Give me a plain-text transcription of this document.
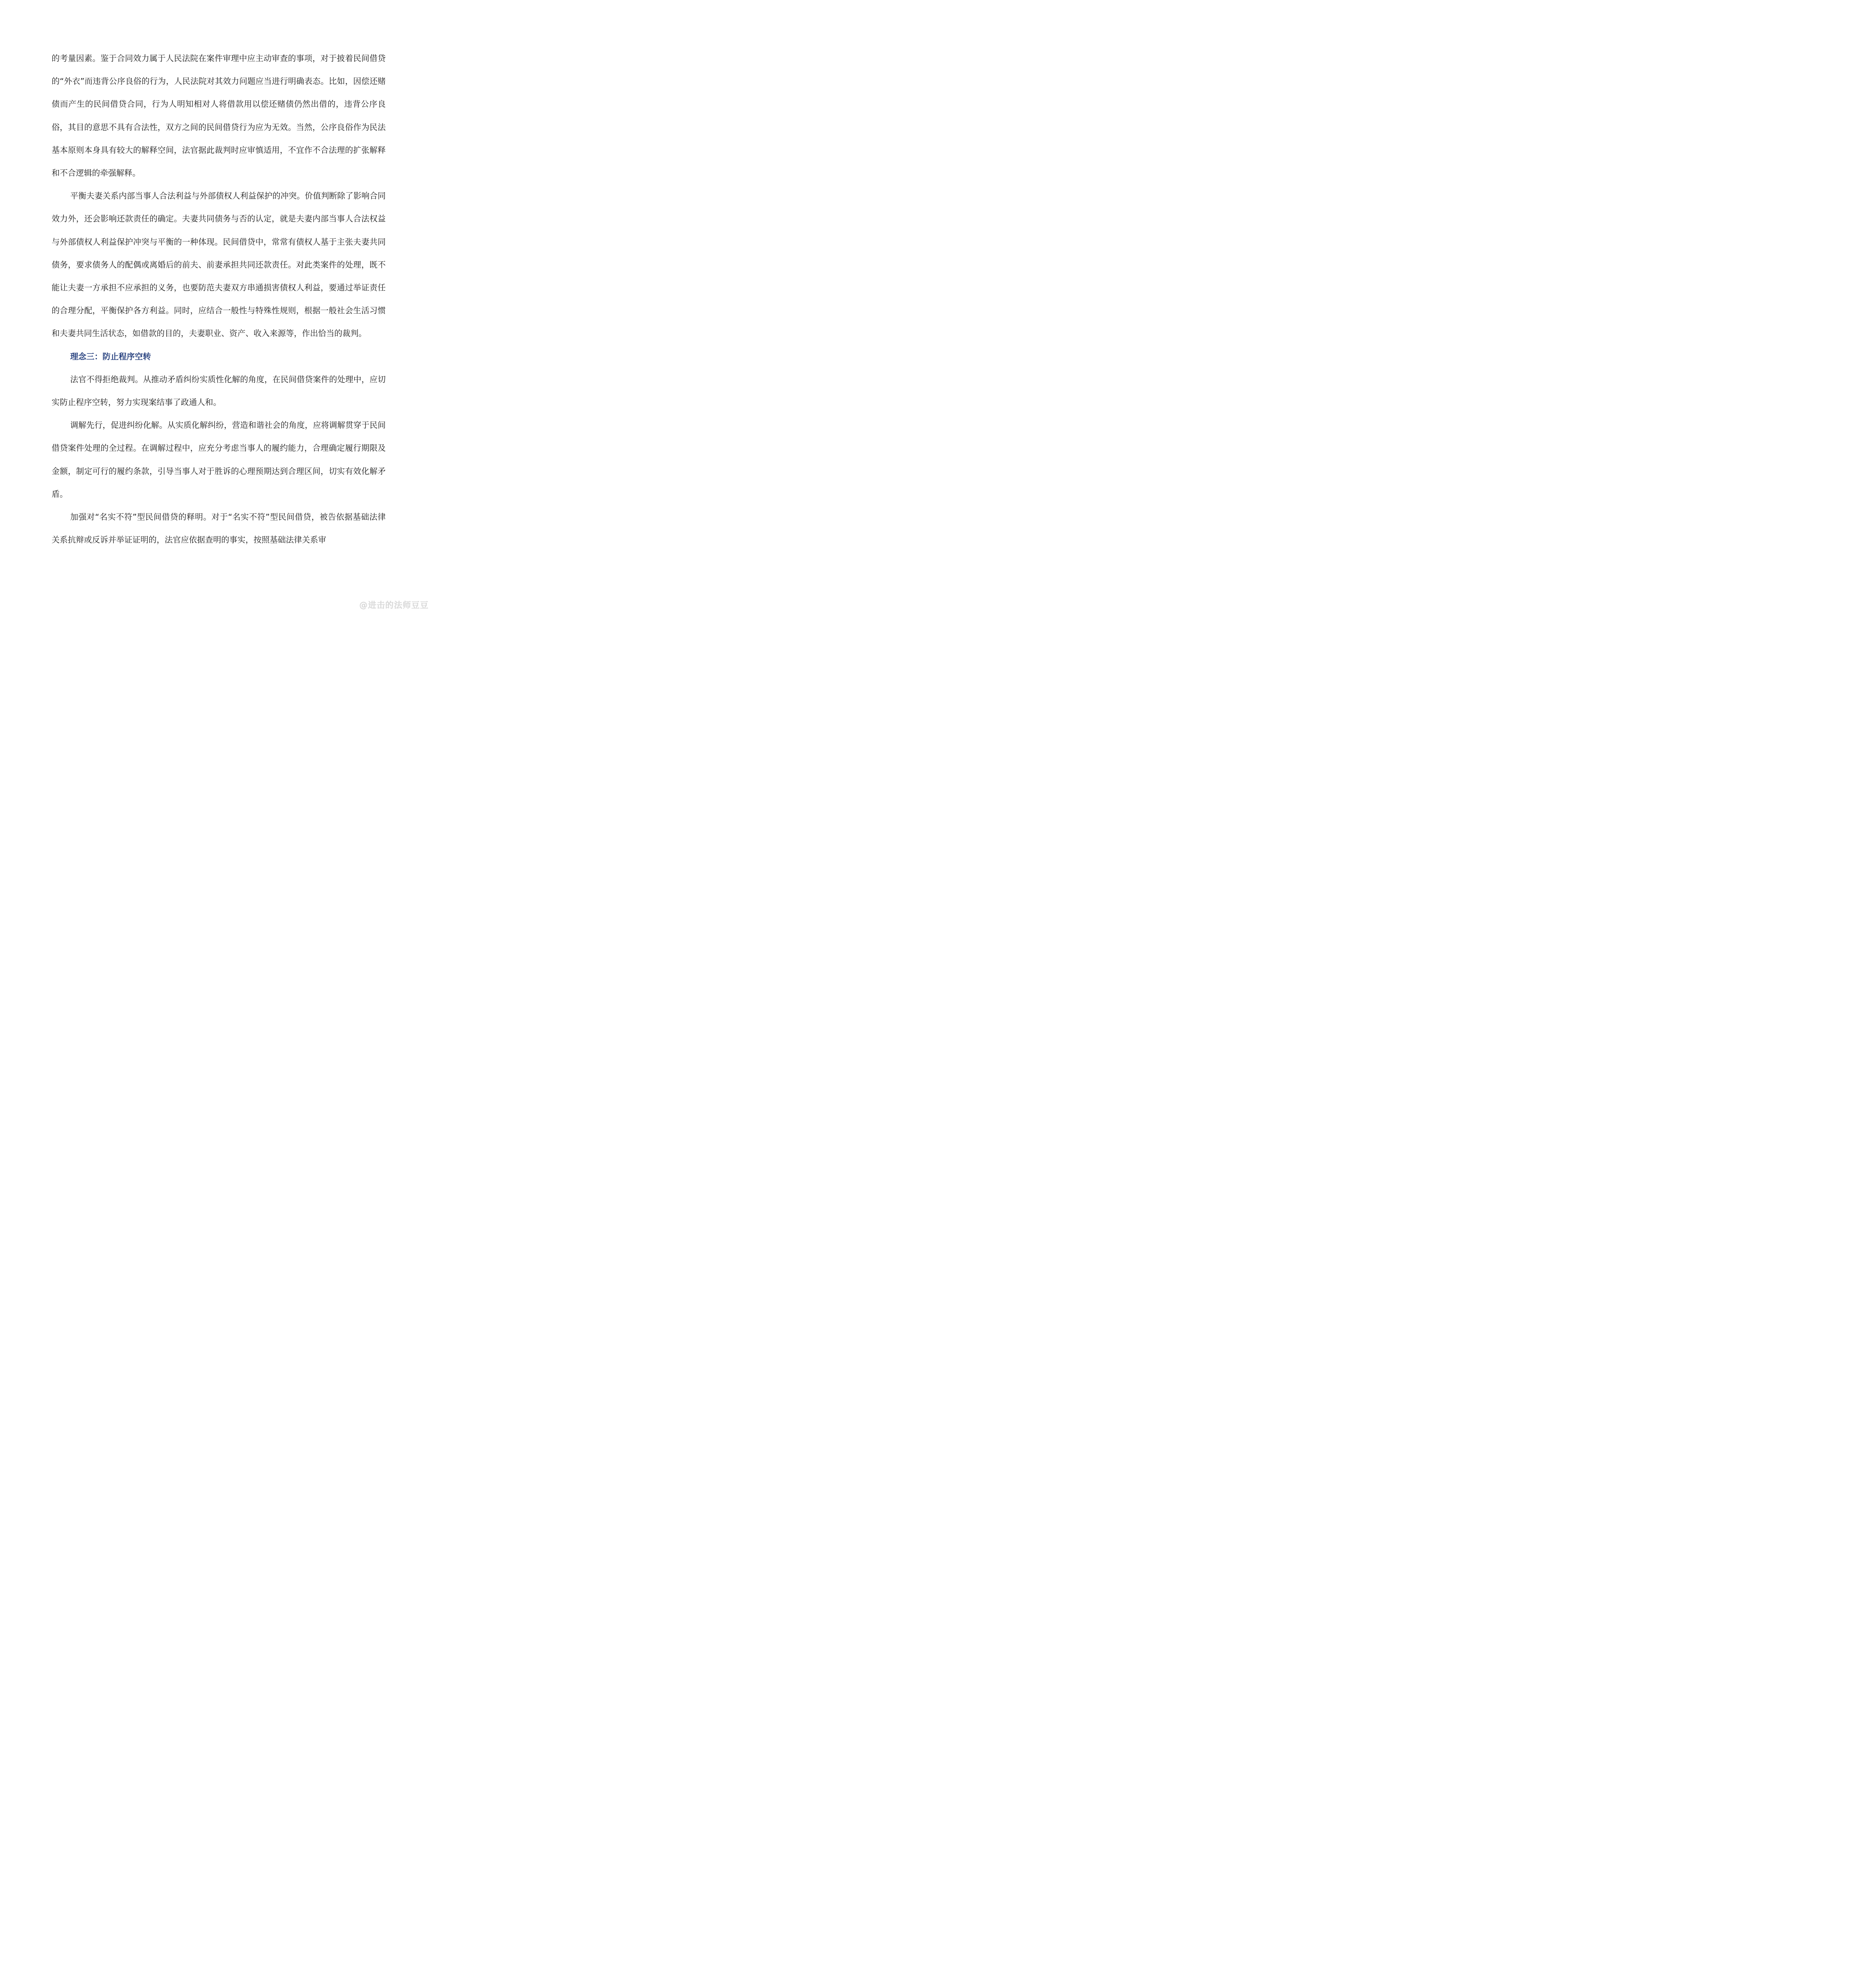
的考量因素。鉴于合同效力属于人民法院在案件审理中应主动审查的事项，对于披着民间借贷的“外衣”而违背公序良俗的行为，人民法院对其效力问题应当进行明确表态。比如，因偿还赌债而产生的民间借贷合同，行为人明知相对人将借款用以偿还赌债仍然出借的，违背公序良俗，其目的意思不具有合法性，双方之间的民间借贷行为应为无效。当然，公序良俗作为民法基本原则本身具有较大的解释空间，法官据此裁判时应审慎适用，不宜作不合法理的扩张解释和不合逻辑的牵强解释。

平衡夫妻关系内部当事人合法利益与外部债权人利益保护的冲突。价值判断除了影响合同效力外，还会影响还款责任的确定。夫妻共同债务与否的认定，就是夫妻内部当事人合法权益与外部债权人利益保护冲突与平衡的一种体现。民间借贷中，常常有债权人基于主张夫妻共同债务，要求债务人的配偶或离婚后的前夫、前妻承担共同还款责任。对此类案件的处理，既不能让夫妻一方承担不应承担的义务，也要防范夫妻双方串通损害债权人利益，要通过举证责任的合理分配，平衡保护各方利益。同时，应结合一般性与特殊性规则，根据一般社会生活习惯和夫妻共同生活状态，如借款的目的，夫妻职业、资产、收入来源等，作出恰当的裁判。

理念三：防止程序空转

法官不得拒绝裁判。从推动矛盾纠纷实质性化解的角度，在民间借贷案件的处理中，应切实防止程序空转，努力实现案结事了政通人和。

调解先行，促进纠纷化解。从实质化解纠纷，营造和谐社会的角度，应将调解贯穿于民间借贷案件处理的全过程。在调解过程中，应充分考虑当事人的履约能力，合理确定履行期限及金额，制定可行的履约条款，引导当事人对于胜诉的心理预期达到合理区间，切实有效化解矛盾。

加强对“名实不符”型民间借贷的释明。对于“名实不符”型民间借贷，被告依据基础法律关系抗辩或反诉并举证证明的，法官应依据查明的事实，按照基础法律关系审

@进击的法师豆豆
